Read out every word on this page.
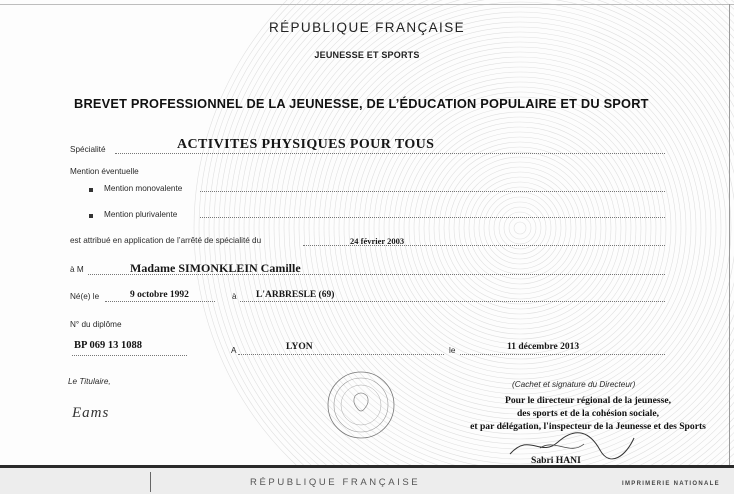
RÉPUBLIQUE FRANÇAISE
JEUNESSE ET SPORTS
BREVET PROFESSIONNEL DE LA JEUNESSE, DE L’ÉDUCATION POPULAIRE ET DU SPORT
Spécialité	ACTIVITES PHYSIQUES POUR TOUS
Mention éventuelle
Mention monovalente
Mention plurivalente
est attribué en application de l’arrêté de spécialité du	24 février 2003
à M	Madame SIMONKLEIN Camille
Né(e) le	9 octobre 1992	à L'ARBRESLE (69)
N° du diplôme
BP 069 13 1088	A	LYON	le	11 décembre 2013
Le Titulaire,
Eams
(Cachet et signature du Directeur)
Pour le directeur régional de la jeunesse,
des sports et de la cohésion sociale,
et par délégation, l'inspecteur de la Jeunesse et des Sports
Sabri HANI
RÉPUBLIQUE FRANÇAISE	IMPRIMERIE NATIONALE
